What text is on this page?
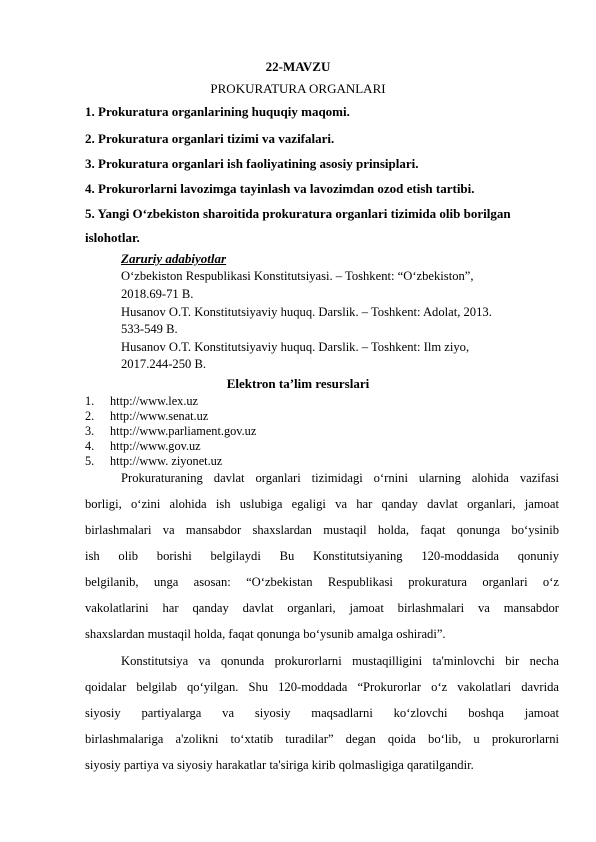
22-MAVZU
PROKURATURA ORGANLARI
1. Prokuratura organlarining huquqiy maqomi.
2. Prokuratura organlari tizimi va vazifalari.
3. Prokuratura organlari ish faoliyatining asosiy prinsiplari.
4. Prokurorlarni lavozimga tayinlash va lavozimdan ozod etish tartibi.
5. Yangi O‘zbekiston sharoitida prokuratura organlari tizimida olib borilgan
islohotlar.
Zaruriy adabiyotlar
O‘zbekiston Respublikasi Konstitutsiyasi. – Toshkent: “O‘zbekiston”,
2018.69-71 B.
Husanov O.T. Konstitutsiyaviy huquq. Darslik. – Toshkent: Adolat, 2013.
533-549 B.
Husanov O.T. Konstitutsiyaviy huquq. Darslik. – Toshkent: Ilm ziyo,
2017.244-250 B.
Elektron ta’lim resurslari
1. http://www.lex.uz
2. http://www.senat.uz
3. http://www.parliament.gov.uz
4. http://www.gov.uz
5. http://www. ziyonet.uz
Prokuraturaning davlat organlari tizimidagi o‘rnini ularning alohida vazifasi
borligi, o‘zini alohida ish uslubiga egaligi va har qanday davlat organlari, jamoat
birlashmalari va mansabdor shaxslardan mustaqil holda, faqat qonunga bo‘ysinib
ish olib borishi belgilaydi Bu Konstitutsiyaning 120-moddasida qonuniy
belgilanib, unga asosan: “O‘zbekistan Respublikasi prokuratura organlari o‘z
vakolatlarini har qanday davlat organlari, jamoat birlashmalari va mansabdor
shaxslardan mustaqil holda, faqat qonunga bo‘ysunib amalga oshiradi”.
Konstitutsiya va qonunda prokurorlarni mustaqilligini ta'minlovchi bir necha
qoidalar belgilab qo‘yilgan. Shu 120-moddada “Prokurorlar o‘z vakolatlari davrida
siyosiy partiyalarga va siyosiy maqsadlarni ko‘zlovchi boshqa jamoat
birlashmalariga a'zolikni to‘xtatib turadilar” degan qoida bo‘lib, u prokurorlarni
siyosiy partiya va siyosiy harakatlar ta'siriga kirib qolmasligiga qaratilgandir.
